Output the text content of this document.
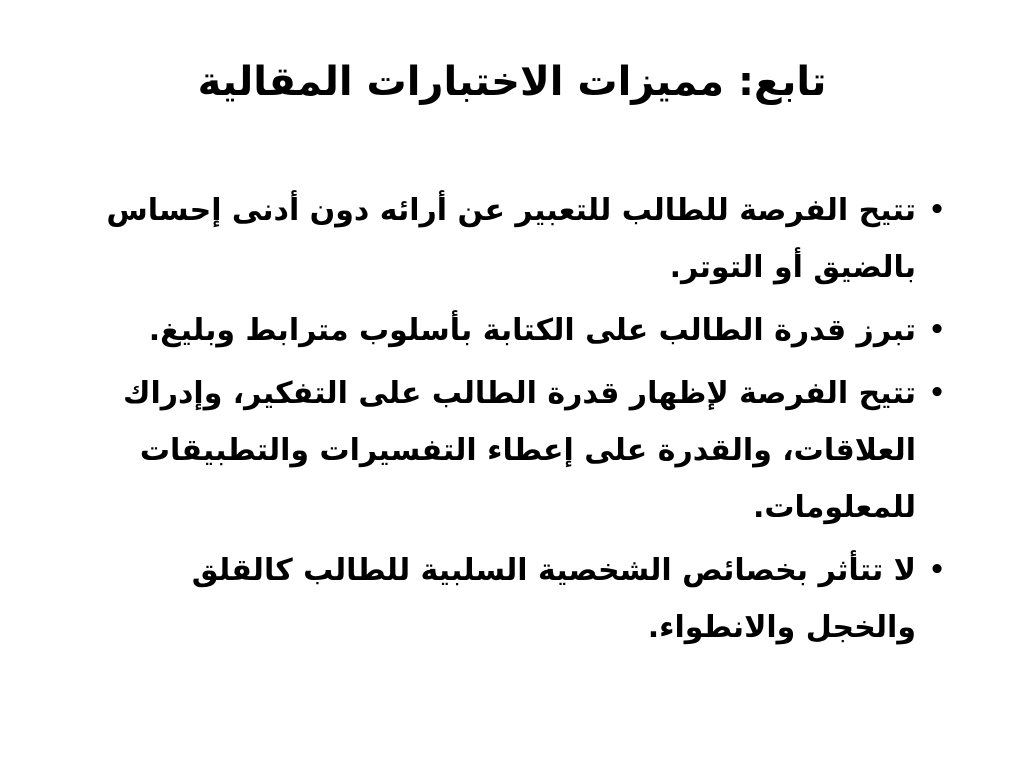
تابع: مميزات الاختبارات المقالية
•
تتيح الفرصة للطالب للتعبير عن أرائه دون أدنى إحساس بالضيق أو التوتر.
•
تبرز قدرة الطالب على الكتابة بأسلوب مترابط وبليغ.
•
تتيح الفرصة لإظهار قدرة الطالب على التفكير، وإدراك العلاقات، والقدرة على إعطاء التفسيرات والتطبيقات للمعلومات.
•
لا تتأثر بخصائص الشخصية السلبية للطالب كالقلق والخجل والانطواء.
